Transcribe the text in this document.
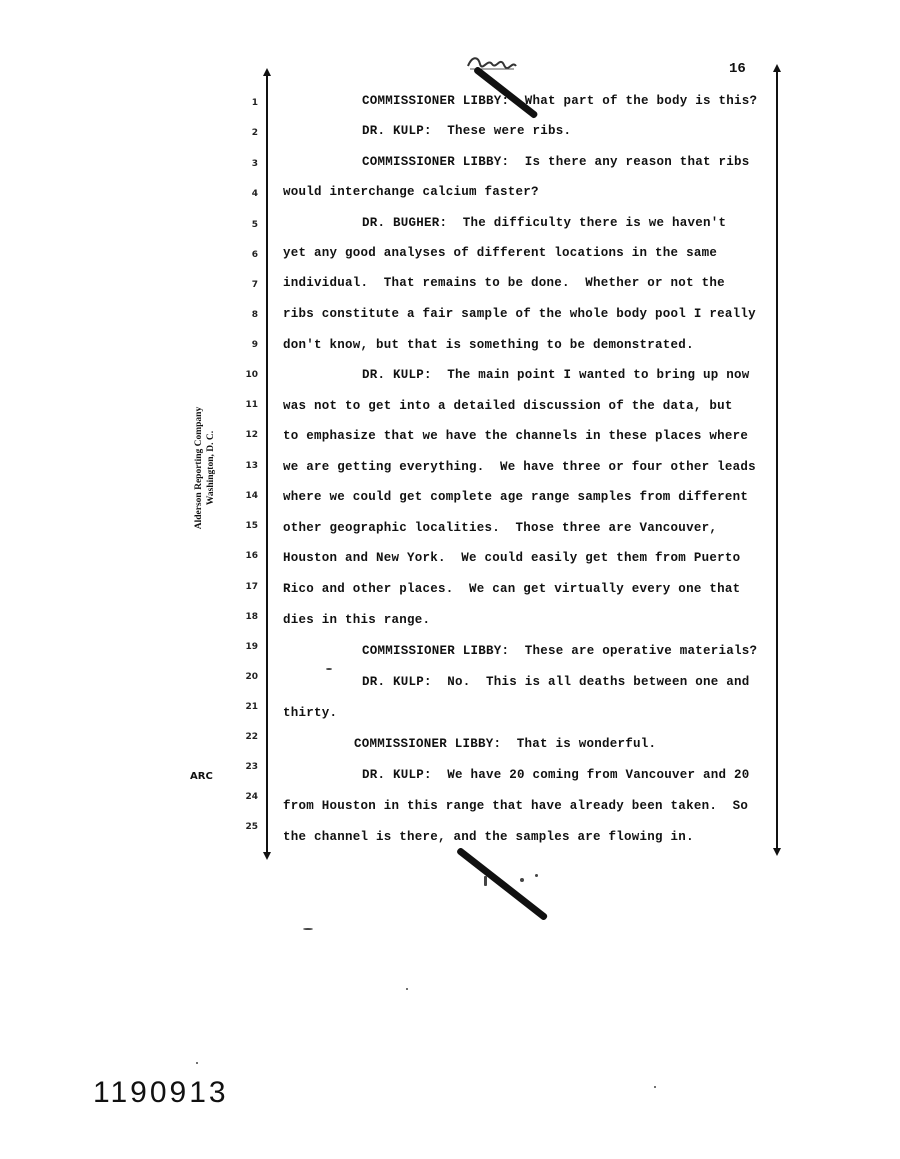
16
1
2
3
4
5
6
7
8
9
10
11
12
13
14
15
16
17
18
19
20
21
22
23
24
25
COMMISSIONER LIBBY:  What part of the body is this?
DR. KULP:  These were ribs.
COMMISSIONER LIBBY:  Is there any reason that ribs
would interchange calcium faster?
DR. BUGHER:  The difficulty there is we haven't
yet any good analyses of different locations in the same
individual.  That remains to be done.  Whether or not the
ribs constitute a fair sample of the whole body pool I really
don't know, but that is something to be demonstrated.
DR. KULP:  The main point I wanted to bring up now
was not to get into a detailed discussion of the data, but
to emphasize that we have the channels in these places where
we are getting everything.  We have three or four other leads
where we could get complete age range samples from different
other geographic localities.  Those three are Vancouver,
Houston and New York.  We could easily get them from Puerto
Rico and other places.  We can get virtually every one that
dies in this range.
COMMISSIONER LIBBY:  These are operative materials?
DR. KULP:  No.  This is all deaths between one and
thirty.
COMMISSIONER LIBBY:  That is wonderful.
DR. KULP:  We have 20 coming from Vancouver and 20
from Houston in this range that have already been taken.  So
the channel is there, and the samples are flowing in.
Alderson Reporting Company Washington, D. C.
ARC
1190913
